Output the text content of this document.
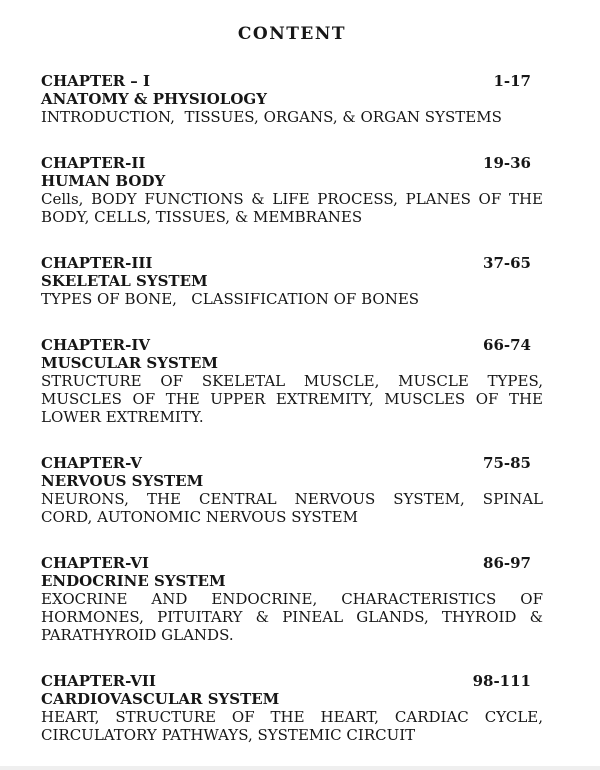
CONTENT
CHAPTER – I	1-17
ANATOMY & PHYSIOLOGY
INTRODUCTION,  TISSUES, ORGANS, & ORGAN SYSTEMS
CHAPTER-II	19-36
HUMAN BODY
Cells, BODY FUNCTIONS & LIFE PROCESS, PLANES OF THE
BODY, CELLS, TISSUES, & MEMBRANES
CHAPTER-III	37-65
SKELETAL SYSTEM
TYPES OF BONE,   CLASSIFICATION OF BONES
CHAPTER-IV	66-74
MUSCULAR SYSTEM
STRUCTURE OF SKELETAL MUSCLE, MUSCLE TYPES,
MUSCLES OF THE UPPER EXTREMITY, MUSCLES OF THE
LOWER EXTREMITY.
CHAPTER-V	75-85
NERVOUS SYSTEM
NEURONS, THE CENTRAL NERVOUS SYSTEM, SPINAL
CORD, AUTONOMIC NERVOUS SYSTEM
CHAPTER-VI	86-97
ENDOCRINE SYSTEM
EXOCRINE AND ENDOCRINE, CHARACTERISTICS OF
HORMONES, PITUITARY & PINEAL GLANDS, THYROID &
PARATHYROID GLANDS.
CHAPTER-VII	98-111
CARDIOVASCULAR SYSTEM
HEART, STRUCTURE OF THE HEART, CARDIAC CYCLE,
CIRCULATORY PATHWAYS, SYSTEMIC CIRCUIT
